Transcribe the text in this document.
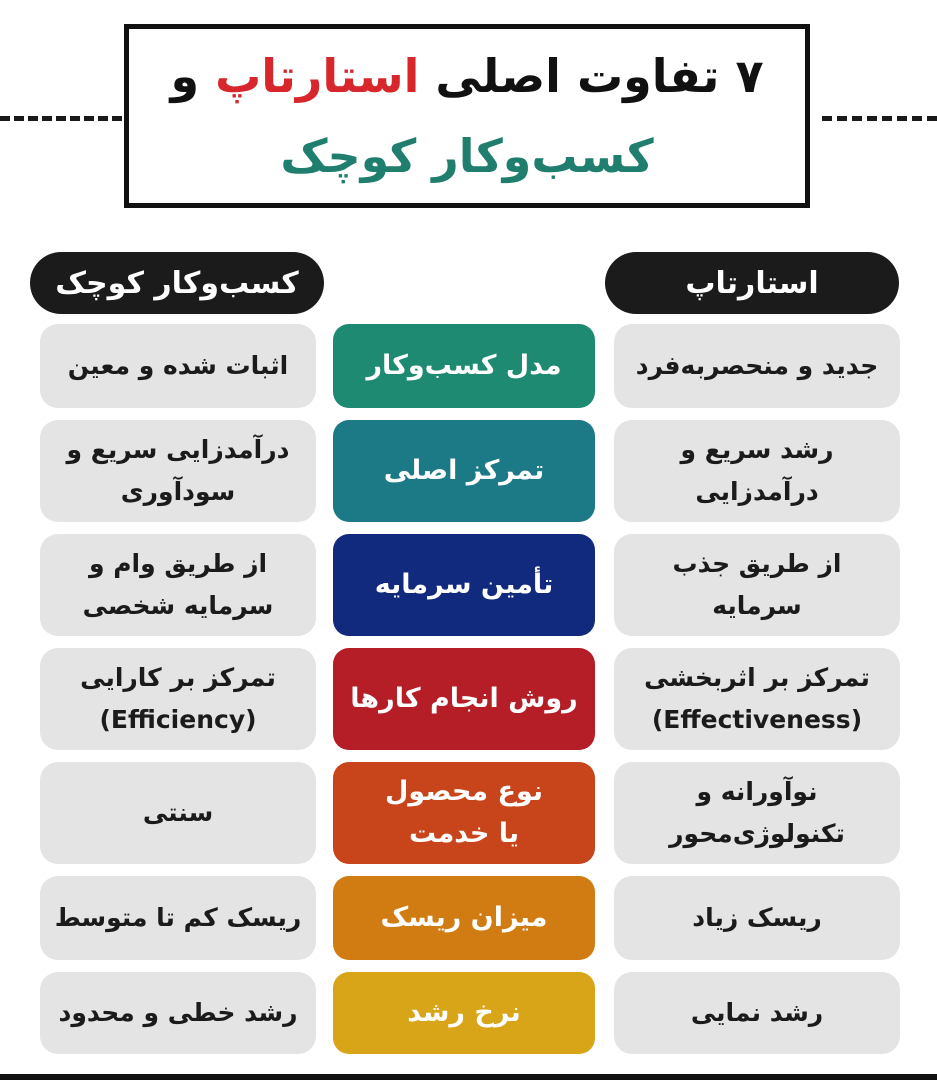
۷ تفاوت اصلی استارتاپ و
کسب‌وکار کوچک
استارتاپ
کسب‌وکار کوچک
جدید و منحصربه‌فرد
مدل کسب‌وکار
اثبات شده و معین
رشد سریع و
درآمدزایی
تمرکز اصلی
درآمدزایی سریع و
سودآوری
از طریق جذب
سرمایه
تأمین سرمایه
از طریق وام و
سرمایه شخصی
تمرکز بر اثربخشی
(Effectiveness)
روش انجام کارها
تمرکز بر کارایی
(Efficiency)
نوآورانه و
تکنولوژی‌محور
نوع محصول
یا خدمت
سنتی
ریسک زیاد
میزان ریسک
ریسک کم تا متوسط
رشد نمایی
نرخ رشد
رشد خطی و محدود
